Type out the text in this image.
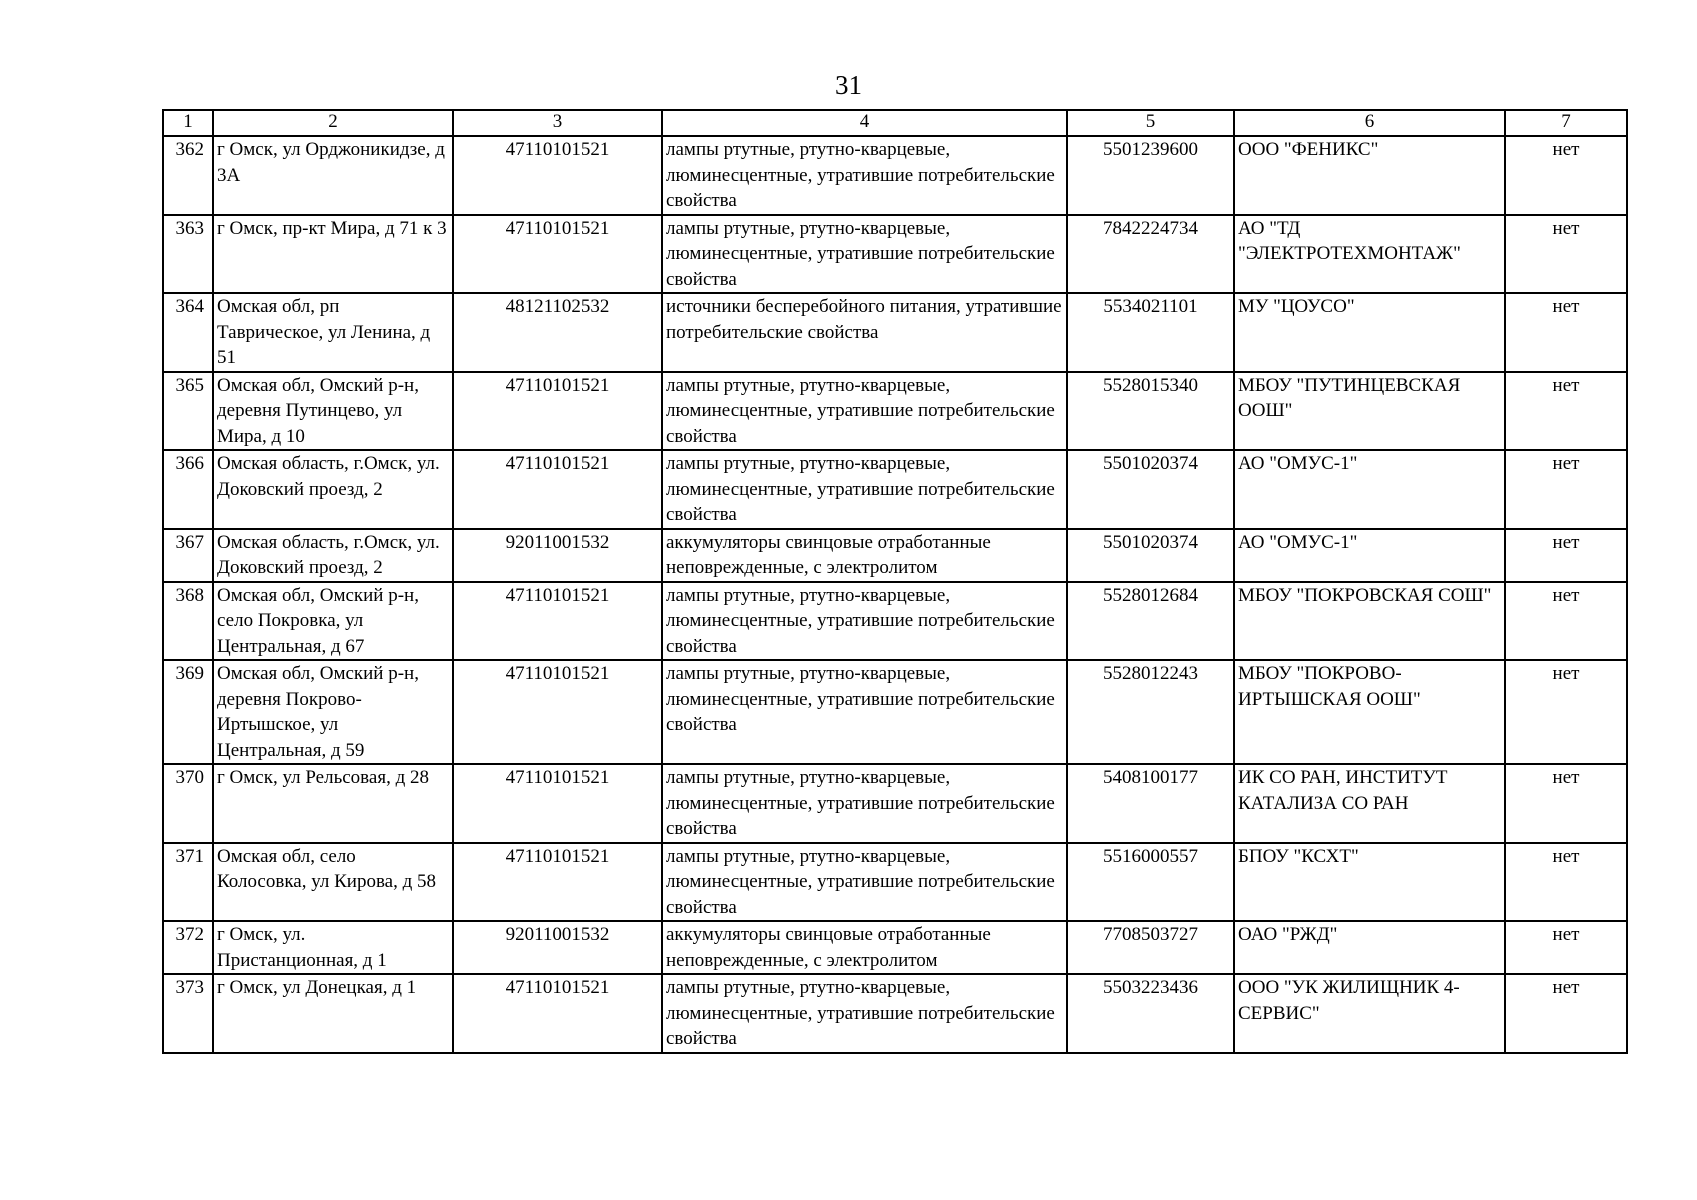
31
1	2	3	4	5	6	7
362	г Омск, ул Орджоникидзе, д 3А	47110101521	лампы ртутные, ртутно-кварцевые, люминесцентные, утратившие потребительские свойства	5501239600	ООО "ФЕНИКС"	нет
363	г Омск, пр-кт Мира, д 71 к 3	47110101521	лампы ртутные, ртутно-кварцевые, люминесцентные, утратившие потребительские свойства	7842224734	АО "ТД "ЭЛЕКТРОТЕХМОНТАЖ"	нет
364	Омская обл, рп Таврическое, ул Ленина, д 51	48121102532	источники бесперебойного питания, утратившие потребительские свойства	5534021101	МУ "ЦОУСО"	нет
365	Омская обл, Омский р-н, деревня Путинцево, ул Мира, д 10	47110101521	лампы ртутные, ртутно-кварцевые, люминесцентные, утратившие потребительские свойства	5528015340	МБОУ "ПУТИНЦЕВСКАЯ ООШ"	нет
366	Омская область, г.Омск, ул. Доковский проезд, 2	47110101521	лампы ртутные, ртутно-кварцевые, люминесцентные, утратившие потребительские свойства	5501020374	АО "ОМУС-1"	нет
367	Омская область, г.Омск, ул. Доковский проезд, 2	92011001532	аккумуляторы свинцовые отработанные неповрежденные, с электролитом	5501020374	АО "ОМУС-1"	нет
368	Омская обл, Омский р-н, село Покровка, ул Центральная, д 67	47110101521	лампы ртутные, ртутно-кварцевые, люминесцентные, утратившие потребительские свойства	5528012684	МБОУ "ПОКРОВСКАЯ СОШ"	нет
369	Омская обл, Омский р-н, деревня Покрово-Иртышское, ул Центральная, д 59	47110101521	лампы ртутные, ртутно-кварцевые, люминесцентные, утратившие потребительские свойства	5528012243	МБОУ "ПОКРОВО-ИРТЫШСКАЯ ООШ"	нет
370	г Омск, ул Рельсовая, д 28	47110101521	лампы ртутные, ртутно-кварцевые, люминесцентные, утратившие потребительские свойства	5408100177	ИК СО РАН, ИНСТИТУТ КАТАЛИЗА СО РАН	нет
371	Омская обл, село Колосовка, ул Кирова, д 58	47110101521	лампы ртутные, ртутно-кварцевые, люминесцентные, утратившие потребительские свойства	5516000557	БПОУ "КСХТ"	нет
372	г Омск, ул. Пристанционная, д 1	92011001532	аккумуляторы свинцовые отработанные неповрежденные, с электролитом	7708503727	ОАО "РЖД"	нет
373	г Омск, ул Донецкая, д 1	47110101521	лампы ртутные, ртутно-кварцевые, люминесцентные, утратившие потребительские свойства	5503223436	ООО "УК ЖИЛИЩНИК 4-СЕРВИС"	нет
